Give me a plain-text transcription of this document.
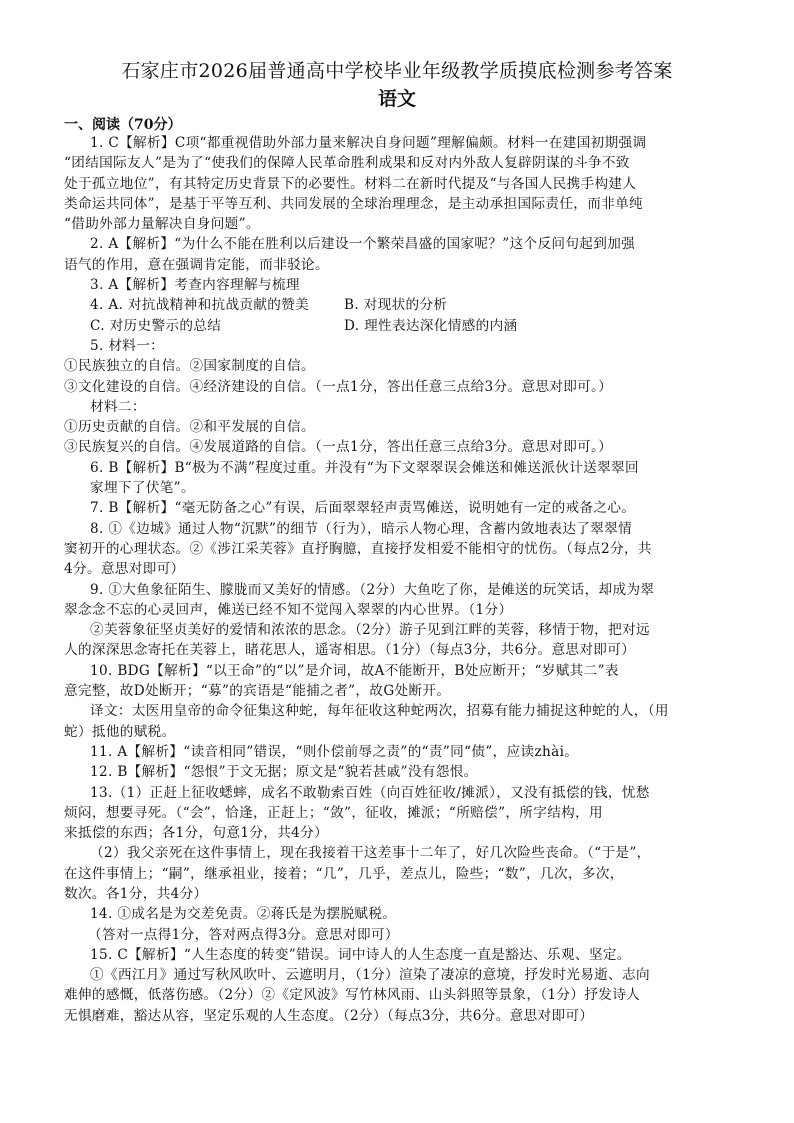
石家庄市2026届普通高中学校毕业年级教学质摸底检测参考答案
语文
一、阅读（70分）

1. C【解析】C项“都重视借助外部力量来解决自身问题”理解偏颇。材料一在建国初期强调

“团结国际友人”是为了“使我们的保障人民革命胜利成果和反对内外敌人复辟阴谋的斗争不致

处于孤立地位”，有其特定历史背景下的必要性。材料二在新时代提及“与各国人民携手构建人

类命运共同体”，是基于平等互利、共同发展的全球治理理念，是主动承担国际责任，而非单纯

“借助外部力量解决自身问题”。

2. A【解析】“为什么不能在胜利以后建设一个繁荣昌盛的国家呢？”这个反问句起到加强

语气的作用，意在强调肯定能，而非驳论。

3. A【解析】考查内容理解与梳理

4. A. 对抗战精神和抗战贡献的赞美	B. 对现状的分析
C. 对历史警示的总结	D. 理性表达深化情感的内涵

5. 材料一：

①民族独立的自信。②国家制度的自信。

③文化建设的自信。④经济建设的自信。（一点1分，答出任意三点给3分。意思对即可。）

材料二：

①历史贡献的自信。②和平发展的自信。

③民族复兴的自信。④发展道路的自信。（一点1分，答出任意三点给3分。意思对即可。）

6. B【解析】B“极为不满”程度过重。并没有“为下文翠翠误会傩送和傩送派伙计送翠翠回

家埋下了伏笔”。

7. B【解析】“毫无防备之心”有误，后面翠翠轻声责骂傩送，说明她有一定的戒备之心。

8. ①《边城》通过人物“沉默”的细节（行为），暗示人物心理，含蓄内敛地表达了翠翠情

窦初开的心理状态。②《涉江采芙蓉》直抒胸臆，直接抒发相爱不能相守的忧伤。（每点2分，共

4分。意思对即可）

9. ①大鱼象征陌生、朦胧而又美好的情感。（2分）大鱼吃了你，是傩送的玩笑话，却成为翠

翠念念不忘的心灵回声，傩送已经不知不觉闯入翠翠的内心世界。（1分）

②芙蓉象征坚贞美好的爱情和浓浓的思念。（2分）游子见到江畔的芙蓉，移情于物，把对远

人的深深思念寄托在芙蓉上，睹花思人，遥寄相思。（1分）（每点3分，共6分。意思对即可）

10. BDG【解析】“以王命”的“以”是介词，故A不能断开，B处应断开；“岁赋其二”表

意完整，故D处断开；“募”的宾语是“能捕之者”，故G处断开。

译文：太医用皇帝的命令征集这种蛇，每年征收这种蛇两次，招募有能力捕捉这种蛇的人，（用

蛇）抵他的赋税。

11. A【解析】“读音相同”错误，“则仆偿前辱之责”的“责”同“债”，应读zhài。

12. B【解析】“怨恨”于文无据；原文是“貌若甚戚”没有怨恨。

13.（1）正赶上征收蟋蟀，成名不敢勒索百姓（向百姓征收/摊派），又没有抵偿的钱，忧愁

烦闷，想要寻死。（“会”，恰逢，正赶上；“敛”，征收，摊派；“所赔偿”，所字结构，用

来抵偿的东西；各1分，句意1分，共4分）

（2）我父亲死在这件事情上，现在我接着干这差事十二年了，好几次险些丧命。（“于是”，

在这件事情上；“嗣”，继承祖业，接着；“几”，几乎，差点儿，险些；“数”，几次，多次，

数次。各1分，共4分）

14. ①成名是为交差免责。②蒋氏是为摆脱赋税。

（答对一点得1分，答对两点得3分。意思对即可）

15. C【解析】“人生态度的转变”错误。词中诗人的人生态度一直是豁达、乐观、坚定。

①《西江月》通过写秋风吹叶、云遮明月，（1分）渲染了凄凉的意境，抒发时光易逝、志向

难伸的感慨，低落伤感。（2分）②《定风波》写竹林风雨、山头斜照等景象，（1分）抒发诗人

无惧磨难，豁达从容，坚定乐观的人生态度。（2分）（每点3分，共6分。意思对即可）
